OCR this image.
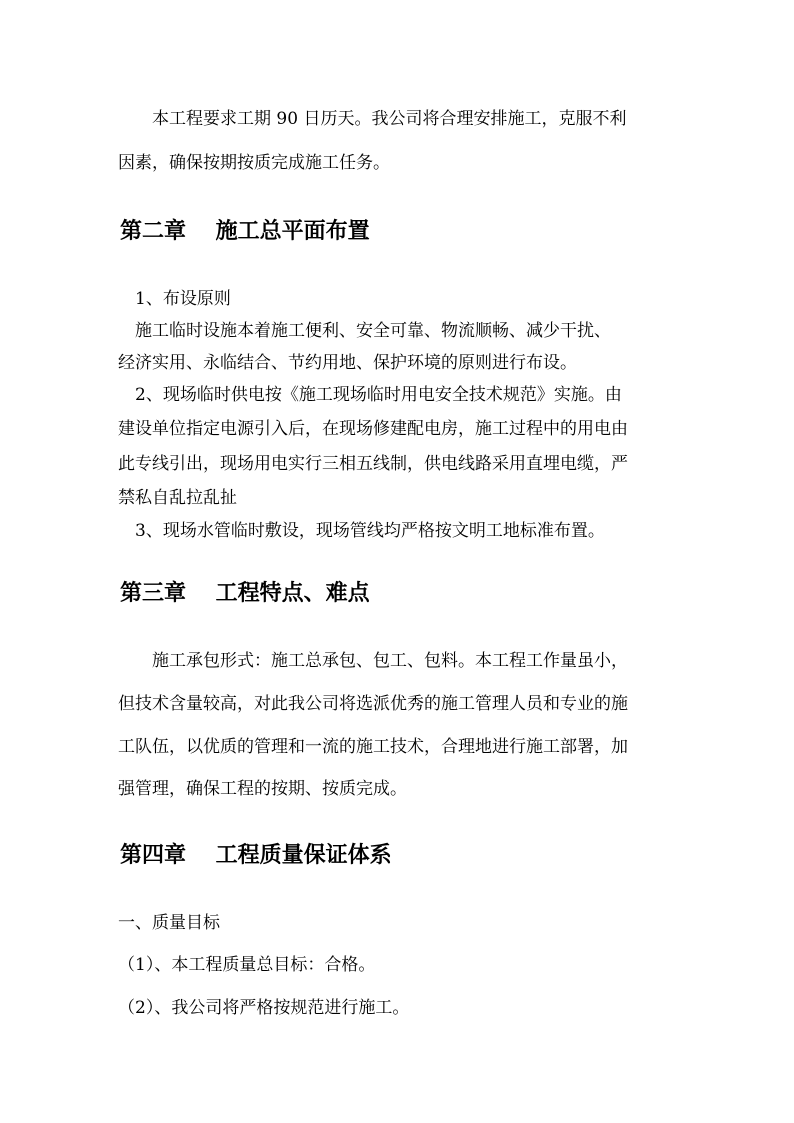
　　本工程要求工期 90 日历天。我公司将合理安排施工，克服不利

因素，确保按期按质完成施工任务。

第二章　 施工总平面布置

　1、布设原则

　施工临时设施本着施工便利、安全可靠、物流顺畅、减少干扰、

经济实用、永临结合、节约用地、保护环境的原则进行布设。

　2、现场临时供电按《施工现场临时用电安全技术规范》实施。由

建设单位指定电源引入后，在现场修建配电房，施工过程中的用电由

此专线引出，现场用电实行三相五线制，供电线路采用直埋电缆，严

禁私自乱拉乱扯

　3、现场水管临时敷设，现场管线均严格按文明工地标准布置。

第三章　 工程特点、难点

　　施工承包形式：施工总承包、包工、包料。本工程工作量虽小，

但技术含量较高，对此我公司将选派优秀的施工管理人员和专业的施

工队伍，以优质的管理和一流的施工技术，合理地进行施工部署，加

强管理，确保工程的按期、按质完成。

第四章　 工程质量保证体系

一、质量目标

（1）、本工程质量总目标：合格。

（2）、我公司将严格按规范进行施工。
